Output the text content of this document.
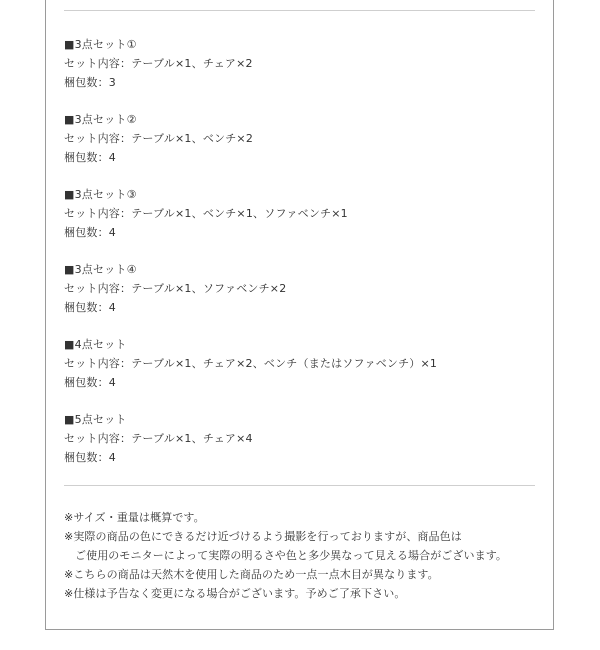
■3点セット①
セット内容：テーブル×1、チェア×2
梱包数：3
■3点セット②
セット内容：テーブル×1、ベンチ×2
梱包数：4
■3点セット③
セット内容：テーブル×1、ベンチ×1、ソファベンチ×1
梱包数：4
■3点セット④
セット内容：テーブル×1、ソファベンチ×2
梱包数：4
■4点セット
セット内容：テーブル×1、チェア×2、ベンチ（またはソファベンチ）×1
梱包数：4
■5点セット
セット内容：テーブル×1、チェア×4
梱包数：4
※サイズ・重量は概算です。
※実際の商品の色にできるだけ近づけるよう撮影を行っておりますが、商品色は
ご使用のモニターによって実際の明るさや色と多少異なって見える場合がございます。
※こちらの商品は天然木を使用した商品のため一点一点木目が異なります。
※仕様は予告なく変更になる場合がございます。予めご了承下さい。
